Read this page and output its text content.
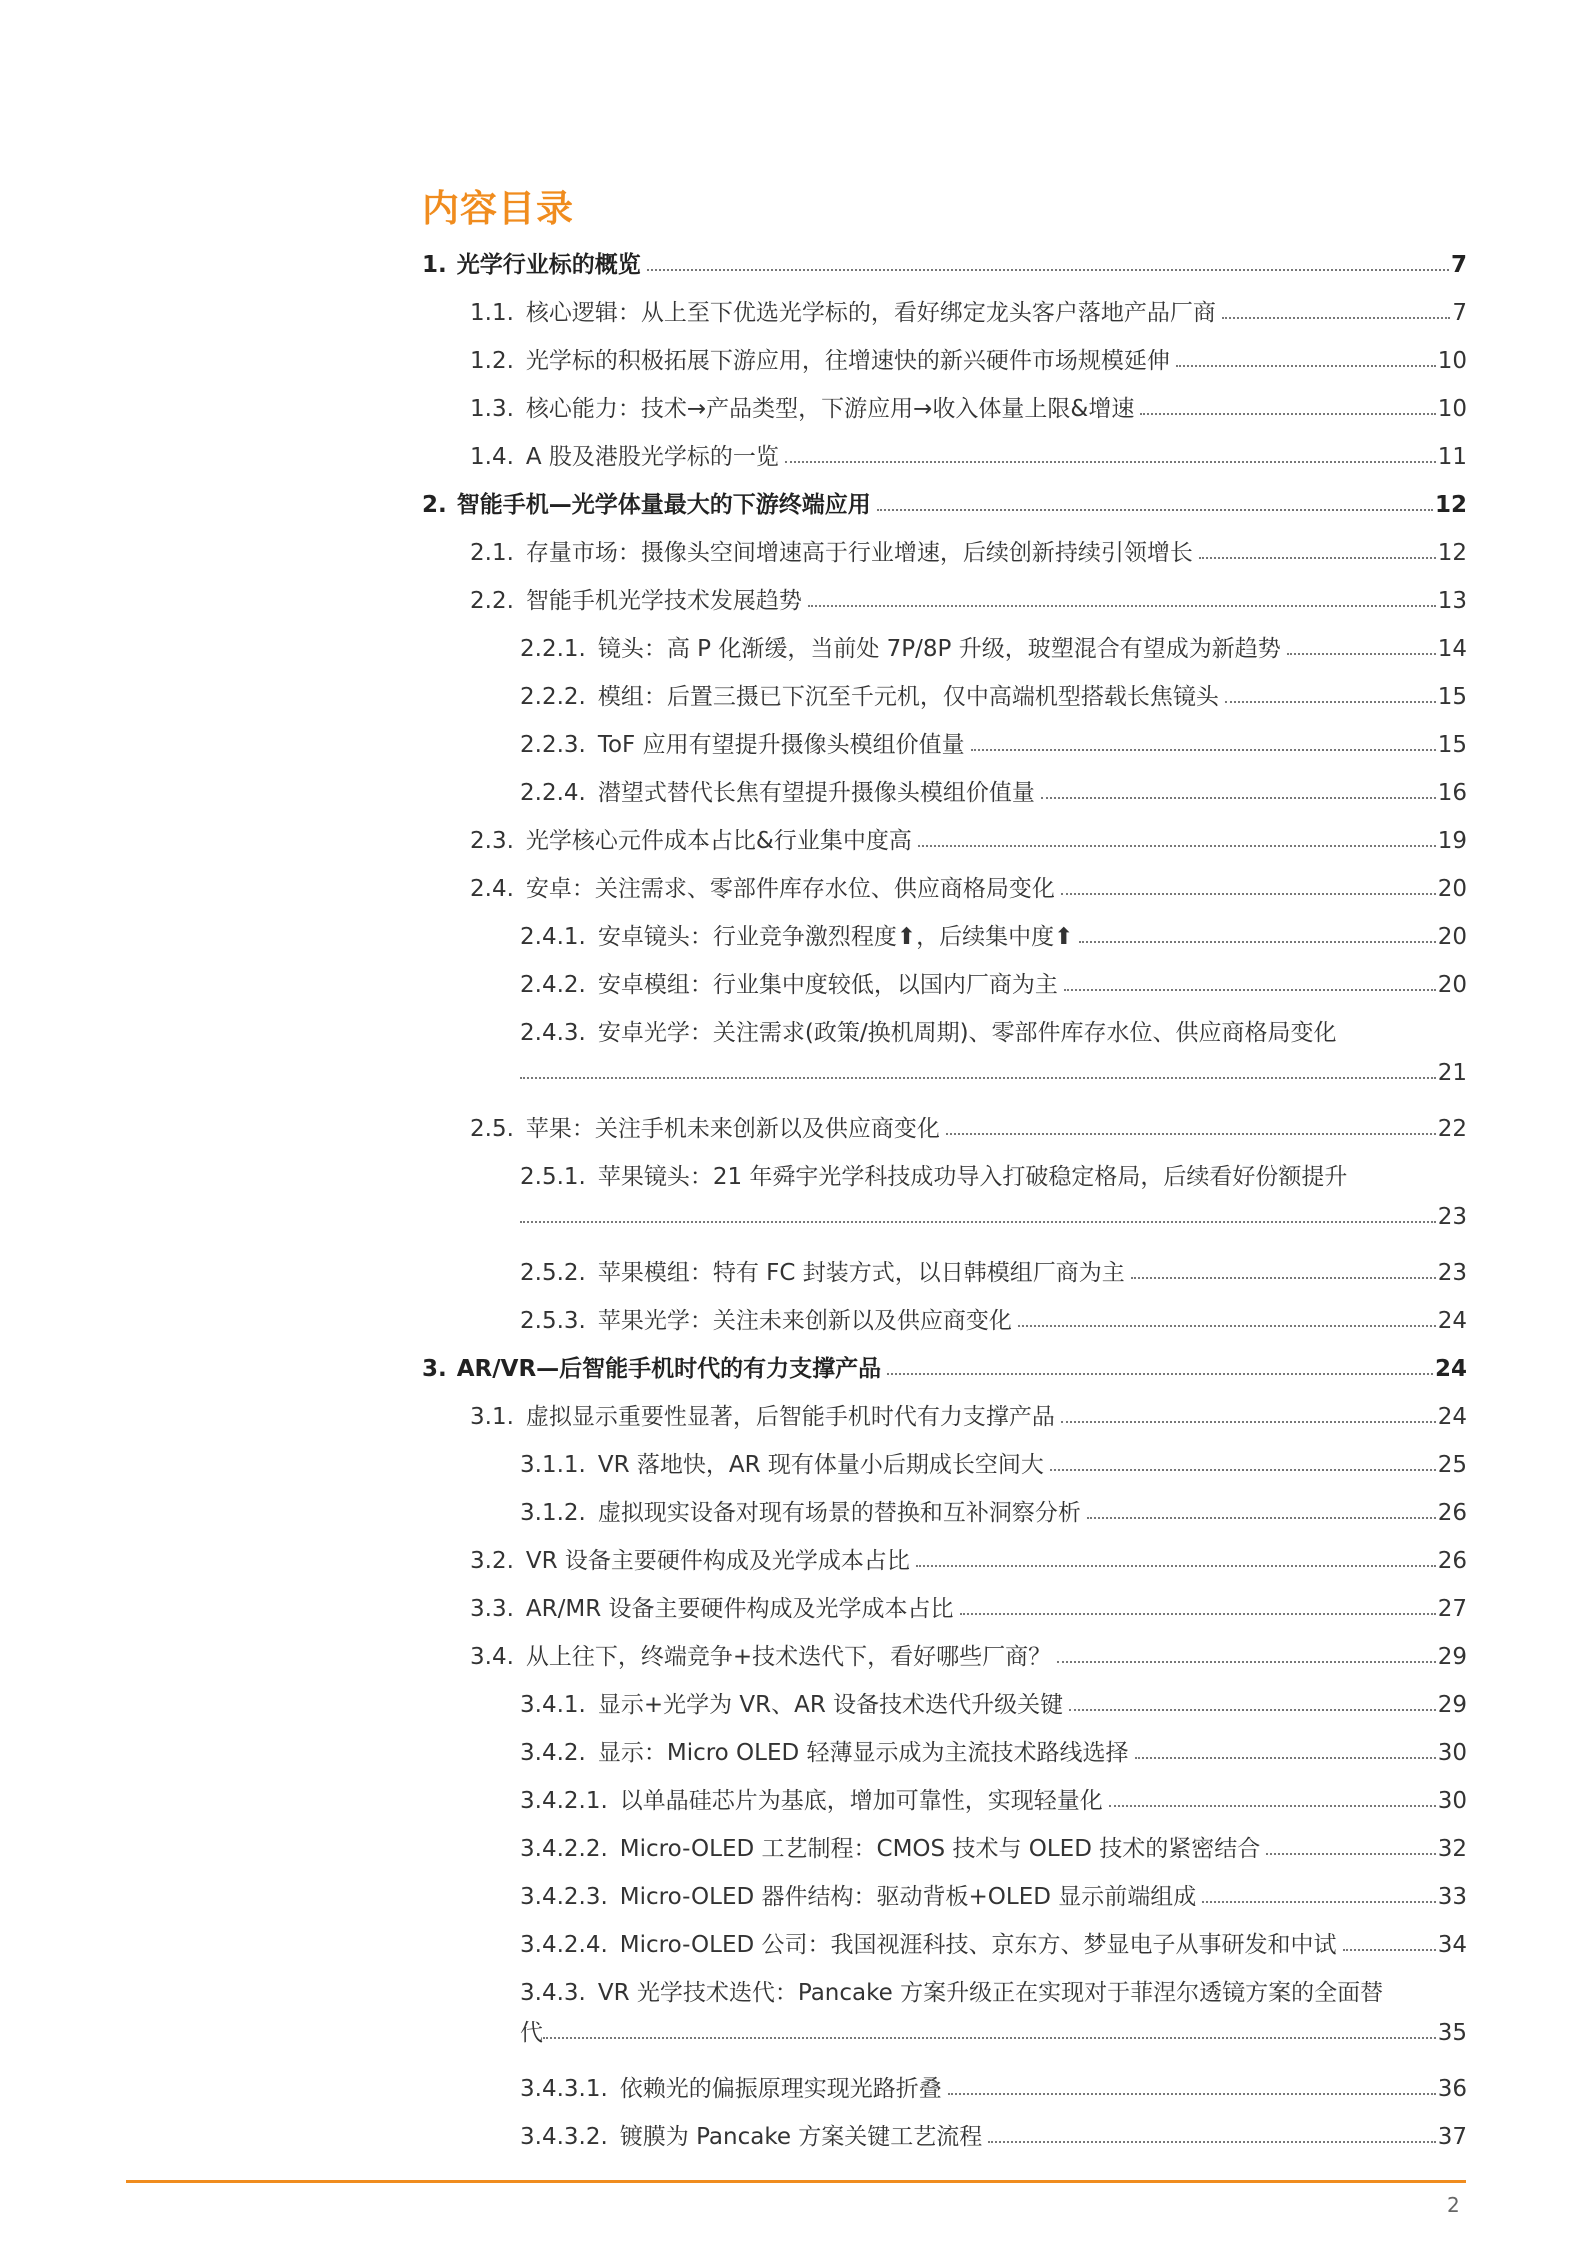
内容目录
1. 光学行业标的概览	7
1.1. 核心逻辑：从上至下优选光学标的，看好绑定龙头客户落地产品厂商	7
1.2. 光学标的积极拓展下游应用，往增速快的新兴硬件市场规模延伸	10
1.3. 核心能力：技术→产品类型，下游应用→收入体量上限&增速	10
1.4. A 股及港股光学标的一览	11
2. 智能手机—光学体量最大的下游终端应用	12
2.1. 存量市场：摄像头空间增速高于行业增速，后续创新持续引领增长	12
2.2. 智能手机光学技术发展趋势	13
2.2.1. 镜头：高 P 化渐缓，当前处 7P/8P 升级，玻塑混合有望成为新趋势	14
2.2.2. 模组：后置三摄已下沉至千元机，仅中高端机型搭载长焦镜头	15
2.2.3. ToF 应用有望提升摄像头模组价值量	15
2.2.4. 潜望式替代长焦有望提升摄像头模组价值量	16
2.3. 光学核心元件成本占比&行业集中度高	19
2.4. 安卓：关注需求、零部件库存水位、供应商格局变化	20
2.4.1. 安卓镜头：行业竞争激烈程度⬆，后续集中度⬆	20
2.4.2. 安卓模组：行业集中度较低，以国内厂商为主	20
2.4.3. 安卓光学：关注需求(政策/换机周期)、零部件库存水位、供应商格局变化
21
2.5. 苹果：关注手机未来创新以及供应商变化	22
2.5.1. 苹果镜头：21 年舜宇光学科技成功导入打破稳定格局，后续看好份额提升
23
2.5.2. 苹果模组：特有 FC 封装方式，以日韩模组厂商为主	23
2.5.3. 苹果光学：关注未来创新以及供应商变化	24
3. AR/VR—后智能手机时代的有力支撑产品	24
3.1. 虚拟显示重要性显著，后智能手机时代有力支撑产品	24
3.1.1. VR 落地快，AR 现有体量小后期成长空间大	25
3.1.2. 虚拟现实设备对现有场景的替换和互补洞察分析	26
3.2. VR 设备主要硬件构成及光学成本占比	26
3.3. AR/MR 设备主要硬件构成及光学成本占比	27
3.4. 从上往下，终端竞争+技术迭代下，看好哪些厂商？	29
3.4.1. 显示+光学为 VR、AR 设备技术迭代升级关键	29
3.4.2. 显示：Micro OLED 轻薄显示成为主流技术路线选择	30
3.4.2.1. 以单晶硅芯片为基底，增加可靠性，实现轻量化	30
3.4.2.2. Micro-OLED 工艺制程：CMOS 技术与 OLED 技术的紧密结合	32
3.4.2.3. Micro-OLED 器件结构：驱动背板+OLED 显示前端组成	33
3.4.2.4. Micro-OLED 公司：我国视涯科技、京东方、梦显电子从事研发和中试	34
3.4.3. VR 光学技术迭代：Pancake 方案升级正在实现对于菲涅尔透镜方案的全面替
代	35
3.4.3.1. 依赖光的偏振原理实现光路折叠	36
3.4.3.2. 镀膜为 Pancake 方案关键工艺流程	37
2
